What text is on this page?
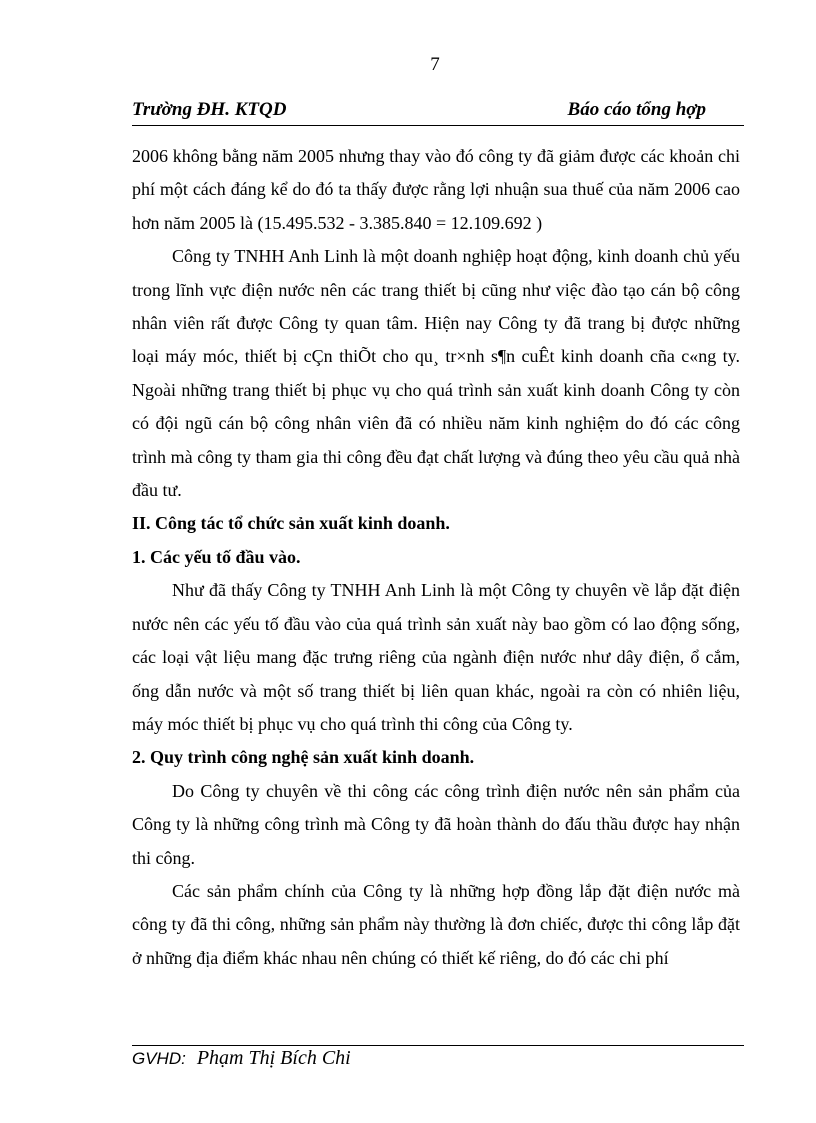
7
Trường ĐH. KTQD	Báo cáo tổng hợp

2006 không bằng năm 2005 nhưng thay vào đó công ty đã giảm được các khoản chi phí một cách đáng kể do đó ta thấy được rằng lợi nhuận sua thuế của năm 2006 cao hơn năm 2005 là (15.495.532 - 3.385.840 = 12.109.692 )

Công ty TNHH Anh Linh là một doanh nghiệp hoạt động, kinh doanh chủ yếu trong lĩnh vực điện nước nên các trang thiết bị cũng như việc đào tạo cán bộ công nhân viên rất được Công ty quan tâm. Hiện nay Công ty đã trang bị được những loại máy móc, thiết bị cÇn thiÕt cho qu¸ tr×nh s¶n cuÊt kinh doanh cña c«ng ty. Ngoài những trang thiết bị phục vụ cho quá trình sản xuất kinh doanh Công ty còn có đội ngũ cán bộ công nhân viên đã có nhiều năm kinh nghiệm do đó các công trình mà công ty tham gia thi công đều đạt chất lượng và đúng theo yêu cầu quả nhà đầu tư.

II. Công tác tổ chức sản xuất kinh doanh.

1. Các yếu tố đầu vào.

Như đã thấy Công ty TNHH Anh Linh là một Công ty chuyên về lắp đặt điện nước nên các yếu tố đầu vào của quá trình sản xuất này bao gồm có lao động sống, các loại vật liệu mang đặc trưng riêng của ngành điện nước như dây điện, ổ cắm, ống dẫn nước và một số trang thiết bị liên quan khác, ngoài ra còn có nhiên liệu, máy móc thiết bị phục vụ cho quá trình thi công của Công ty.

2. Quy trình công nghệ sản xuất kinh doanh.

Do Công ty chuyên về thi công các công trình điện nước nên sản phẩm của Công ty là những công trình mà Công ty đã hoàn thành do đấu thầu được hay nhận thi công.

Các sản phẩm chính của Công ty là những hợp đồng lắp đặt điện nước mà công ty đã thi công, những sản phẩm này thường là đơn chiếc, được thi công lắp đặt ở những địa điểm khác nhau nên chúng có thiết kế riêng, do đó các chi phí

GVHD: Phạm Thị Bích Chi
